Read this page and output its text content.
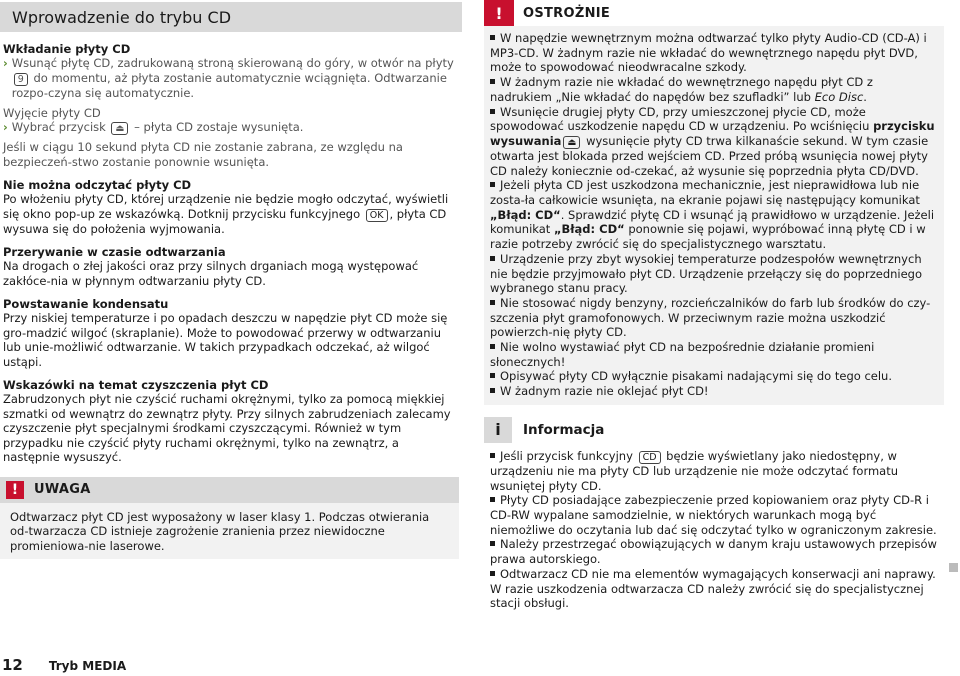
Wprowadzenie do trybu CD
Wkładanie płyty CD
› Wsunąć płytę CD, zadrukowaną stroną skierowaną do góry, w otwór na płyty 9 do momentu, aż płyta zostanie automatycznie wciągnięta. Odtwarzanie rozpo-czyna się automatycznie.
Wyjęcie płyty CD
› Wybrać przycisk ⏏ – płyta CD zostaje wysunięta.
Jeśli w ciągu 10 sekund płyta CD nie zostanie zabrana, ze względu na bezpieczeń-stwo zostanie ponownie wsunięta.
Nie można odczytać płyty CD
Po włożeniu płyty CD, której urządzenie nie będzie mogło odczytać, wyświetli się okno pop-up ze wskazówką. Dotknij przycisku funkcyjnego OK , płyta CD wysuwa się do położenia wyjmowania.
Przerywanie w czasie odtwarzania
Na drogach o złej jakości oraz przy silnych drganiach mogą występować zakłóce-nia w płynnym odtwarzaniu płyty CD.
Powstawanie kondensatu
Przy niskiej temperaturze i po opadach deszczu w napędzie płyt CD może się gro-madzić wilgoć (skraplanie). Może to powodować przerwy w odtwarzaniu lub unie-możliwić odtwarzanie. W takich przypadkach odczekać, aż wilgoć ustąpi.
Wskazówki na temat czyszczenia płyt CD
Zabrudzonych płyt nie czyścić ruchami okrężnymi, tylko za pomocą miękkiej szmatki od wewnątrz do zewnątrz płyty. Przy silnych zabrudzeniach zalecamy czyszczenie płyt specjalnymi środkami czyszczącymi. Również w tym przypadku nie czyścić płyty ruchami okrężnymi, tylko na zewnątrz, a następnie wysuszyć.
!	UWAGA
Odtwarzacz płyt CD jest wyposażony w laser klasy 1. Podczas otwierania od-twarzacza CD istnieje zagrożenie zranienia przez niewidoczne promieniowa-nie laserowe.
!	OSTROŻNIE
W napędzie wewnętrznym można odtwarzać tylko płyty Audio-CD (CD-A) i MP3-CD. W żadnym razie nie wkładać do wewnętrznego napędu płyt DVD, może to spowodować nieodwracalne szkody.
W żadnym razie nie wkładać do wewnętrznego napędu płyt CD z nadrukiem „Nie wkładać do napędów bez szufladki” lub Eco Disc.
Wsunięcie drugiej płyty CD, przy umieszczonej płycie CD, może spowodować uszkodzenie napędu CD w urządzeniu. Po wciśnięciu przycisku wysuwania ⏏ wysunięcie płyty CD trwa kilkanaście sekund. W tym czasie otwarta jest blokada przed wejściem CD. Przed próbą wsunięcia nowej płyty CD należy koniecznie od-czekać, aż wysunie się poprzednia płyta CD/DVD.
Jeżeli płyta CD jest uszkodzona mechanicznie, jest nieprawidłowa lub nie zosta-ła całkowicie wsunięta, na ekranie pojawi się następujący komunikat „Błąd: CD“. Sprawdzić płytę CD i wsunąć ją prawidłowo w urządzenie. Jeżeli komunikat „Błąd: CD“ ponownie się pojawi, wypróbować inną płytę CD i w razie potrzeby zwrócić się do specjalistycznego warsztatu.
Urządzenie przy zbyt wysokiej temperaturze podzespołów wewnętrznych nie będzie przyjmowało płyt CD. Urządzenie przełączy się do poprzedniego wybranego stanu pracy.
Nie stosować nigdy benzyny, rozcieńczalników do farb lub środków do czy-szczenia płyt gramofonowych. W przeciwnym razie można uszkodzić powierzch-nię płyty CD.
Nie wolno wystawiać płyt CD na bezpośrednie działanie promieni słonecznych!
Opisywać płyty CD wyłącznie pisakami nadającymi się do tego celu.
W żadnym razie nie oklejać płyt CD!
i	Informacja
Jeśli przycisk funkcyjny CD będzie wyświetlany jako niedostępny, w urządzeniu nie ma płyty CD lub urządzenie nie może odczytać formatu wsuniętej płyty CD.
Płyty CD posiadające zabezpieczenie przed kopiowaniem oraz płyty CD-R i CD-RW wypalane samodzielnie, w niektórych warunkach mogą być niemożliwe do oczytania lub dać się odczytać tylko w ograniczonym zakresie.
Należy przestrzegać obowiązujących w danym kraju ustawowych przepisów prawa autorskiego.
Odtwarzacz CD nie ma elementów wymagających konserwacji ani naprawy. W razie uszkodzenia odtwarzacza CD należy zwrócić się do specjalistycznej stacji obsługi.
12 Tryb MEDIA
